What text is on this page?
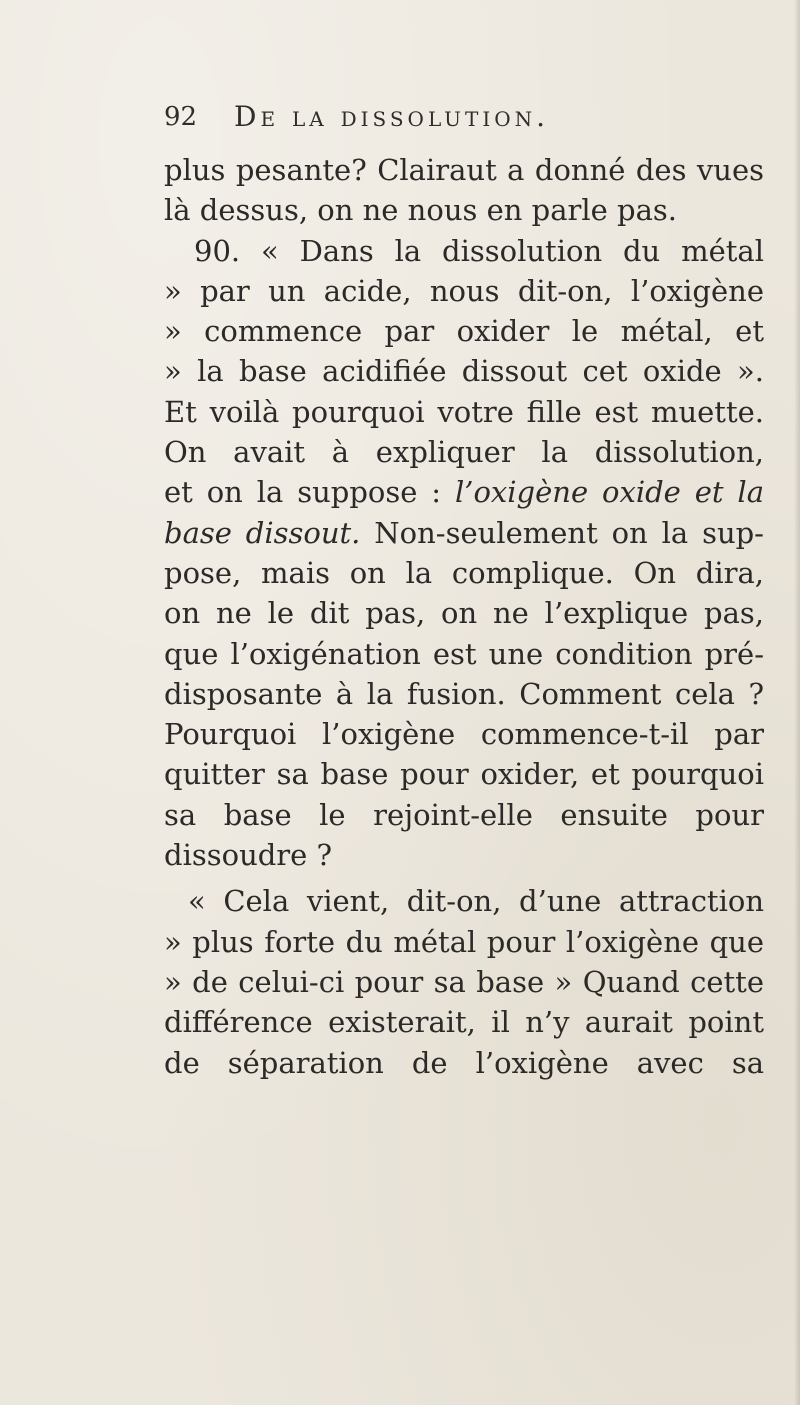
92 De la dissolution.
plus pesante? Clairaut a donné des vues
là dessus, on ne nous en parle pas.
90. « Dans la dissolution du métal
» par un acide, nous dit-on, l’oxigène
» commence par oxider le métal, et
» la base acidifiée dissout cet oxide ».
Et voilà pourquoi votre fille est muette.
On avait à expliquer la dissolution,
et on la suppose : l’oxigène oxide et la
base dissout. Non-seulement on la sup-
pose, mais on la complique. On dira,
on ne le dit pas, on ne l’explique pas,
que l’oxigénation est une condition pré-
disposante à la fusion. Comment cela ?
Pourquoi l’oxigène commence-t-il par
quitter sa base pour oxider, et pourquoi
sa base le rejoint-elle ensuite pour
dissoudre ?
« Cela vient, dit-on, d’une attraction
» plus forte du métal pour l’oxigène que
» de celui-ci pour sa base » Quand cette
différence existerait, il n’y aurait point
de séparation de l’oxigène avec sa
